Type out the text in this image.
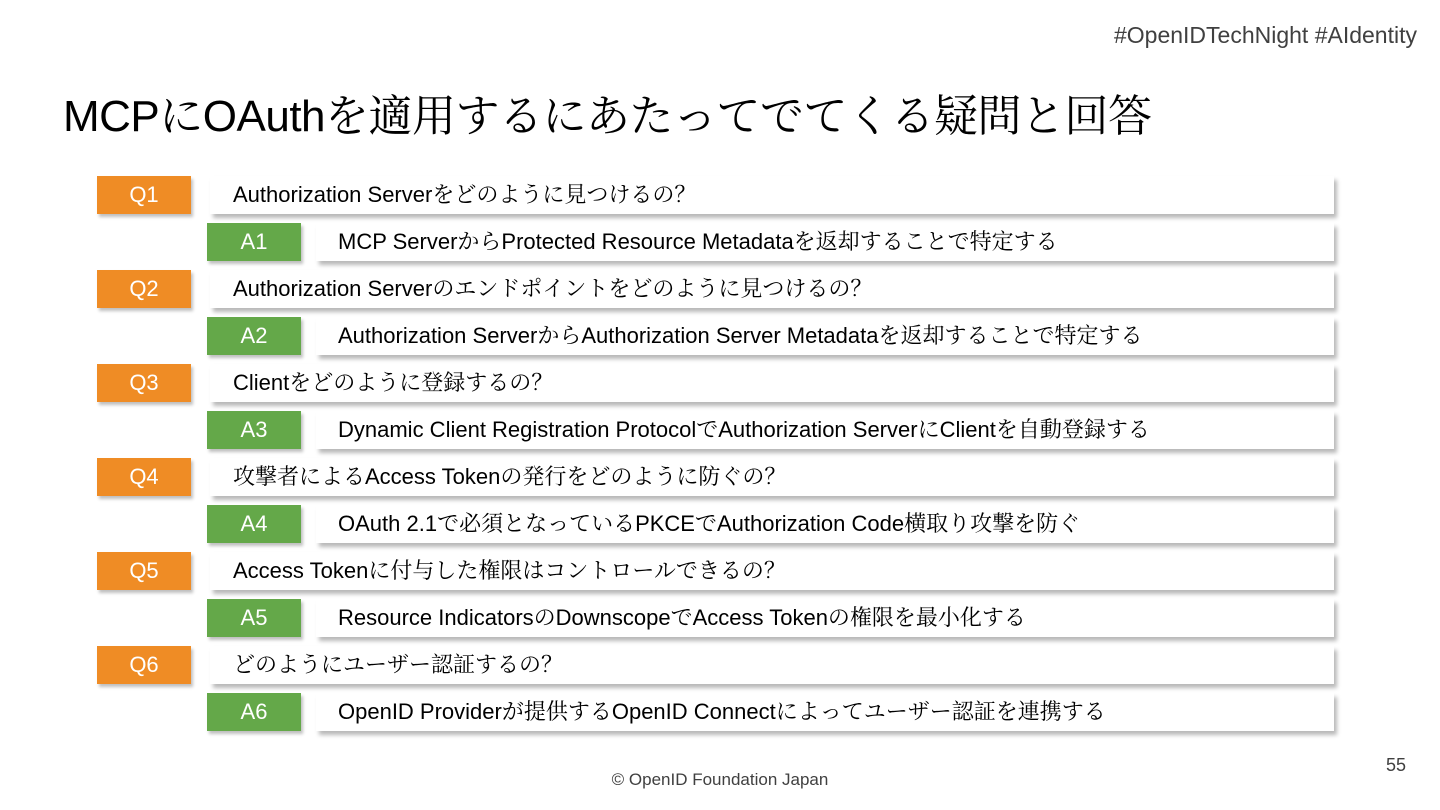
#OpenIDTechNight #AIdentity
MCPにOAuthを適用するにあたってでてくる疑問と回答
Q1	Authorization Serverをどのように見つけるの？
A1	MCP ServerからProtected Resource Metadataを返却することで特定する
Q2	Authorization Serverのエンドポイントをどのように見つけるの？
A2	Authorization ServerからAuthorization Server Metadataを返却することで特定する
Q3	Clientをどのように登録するの？
A3	Dynamic Client Registration ProtocolでAuthorization ServerにClientを自動登録する
Q4	攻撃者によるAccess Tokenの発行をどのように防ぐの？
A4	OAuth 2.1で必須となっているPKCEでAuthorization Code横取り攻撃を防ぐ
Q5	Access Tokenに付与した権限はコントロールできるの？
A5	Resource IndicatorsのDownscopeでAccess Tokenの権限を最小化する
Q6	どのようにユーザー認証するの？
A6	OpenID Providerが提供するOpenID Connectによってユーザー認証を連携する
55
© OpenID Foundation Japan
